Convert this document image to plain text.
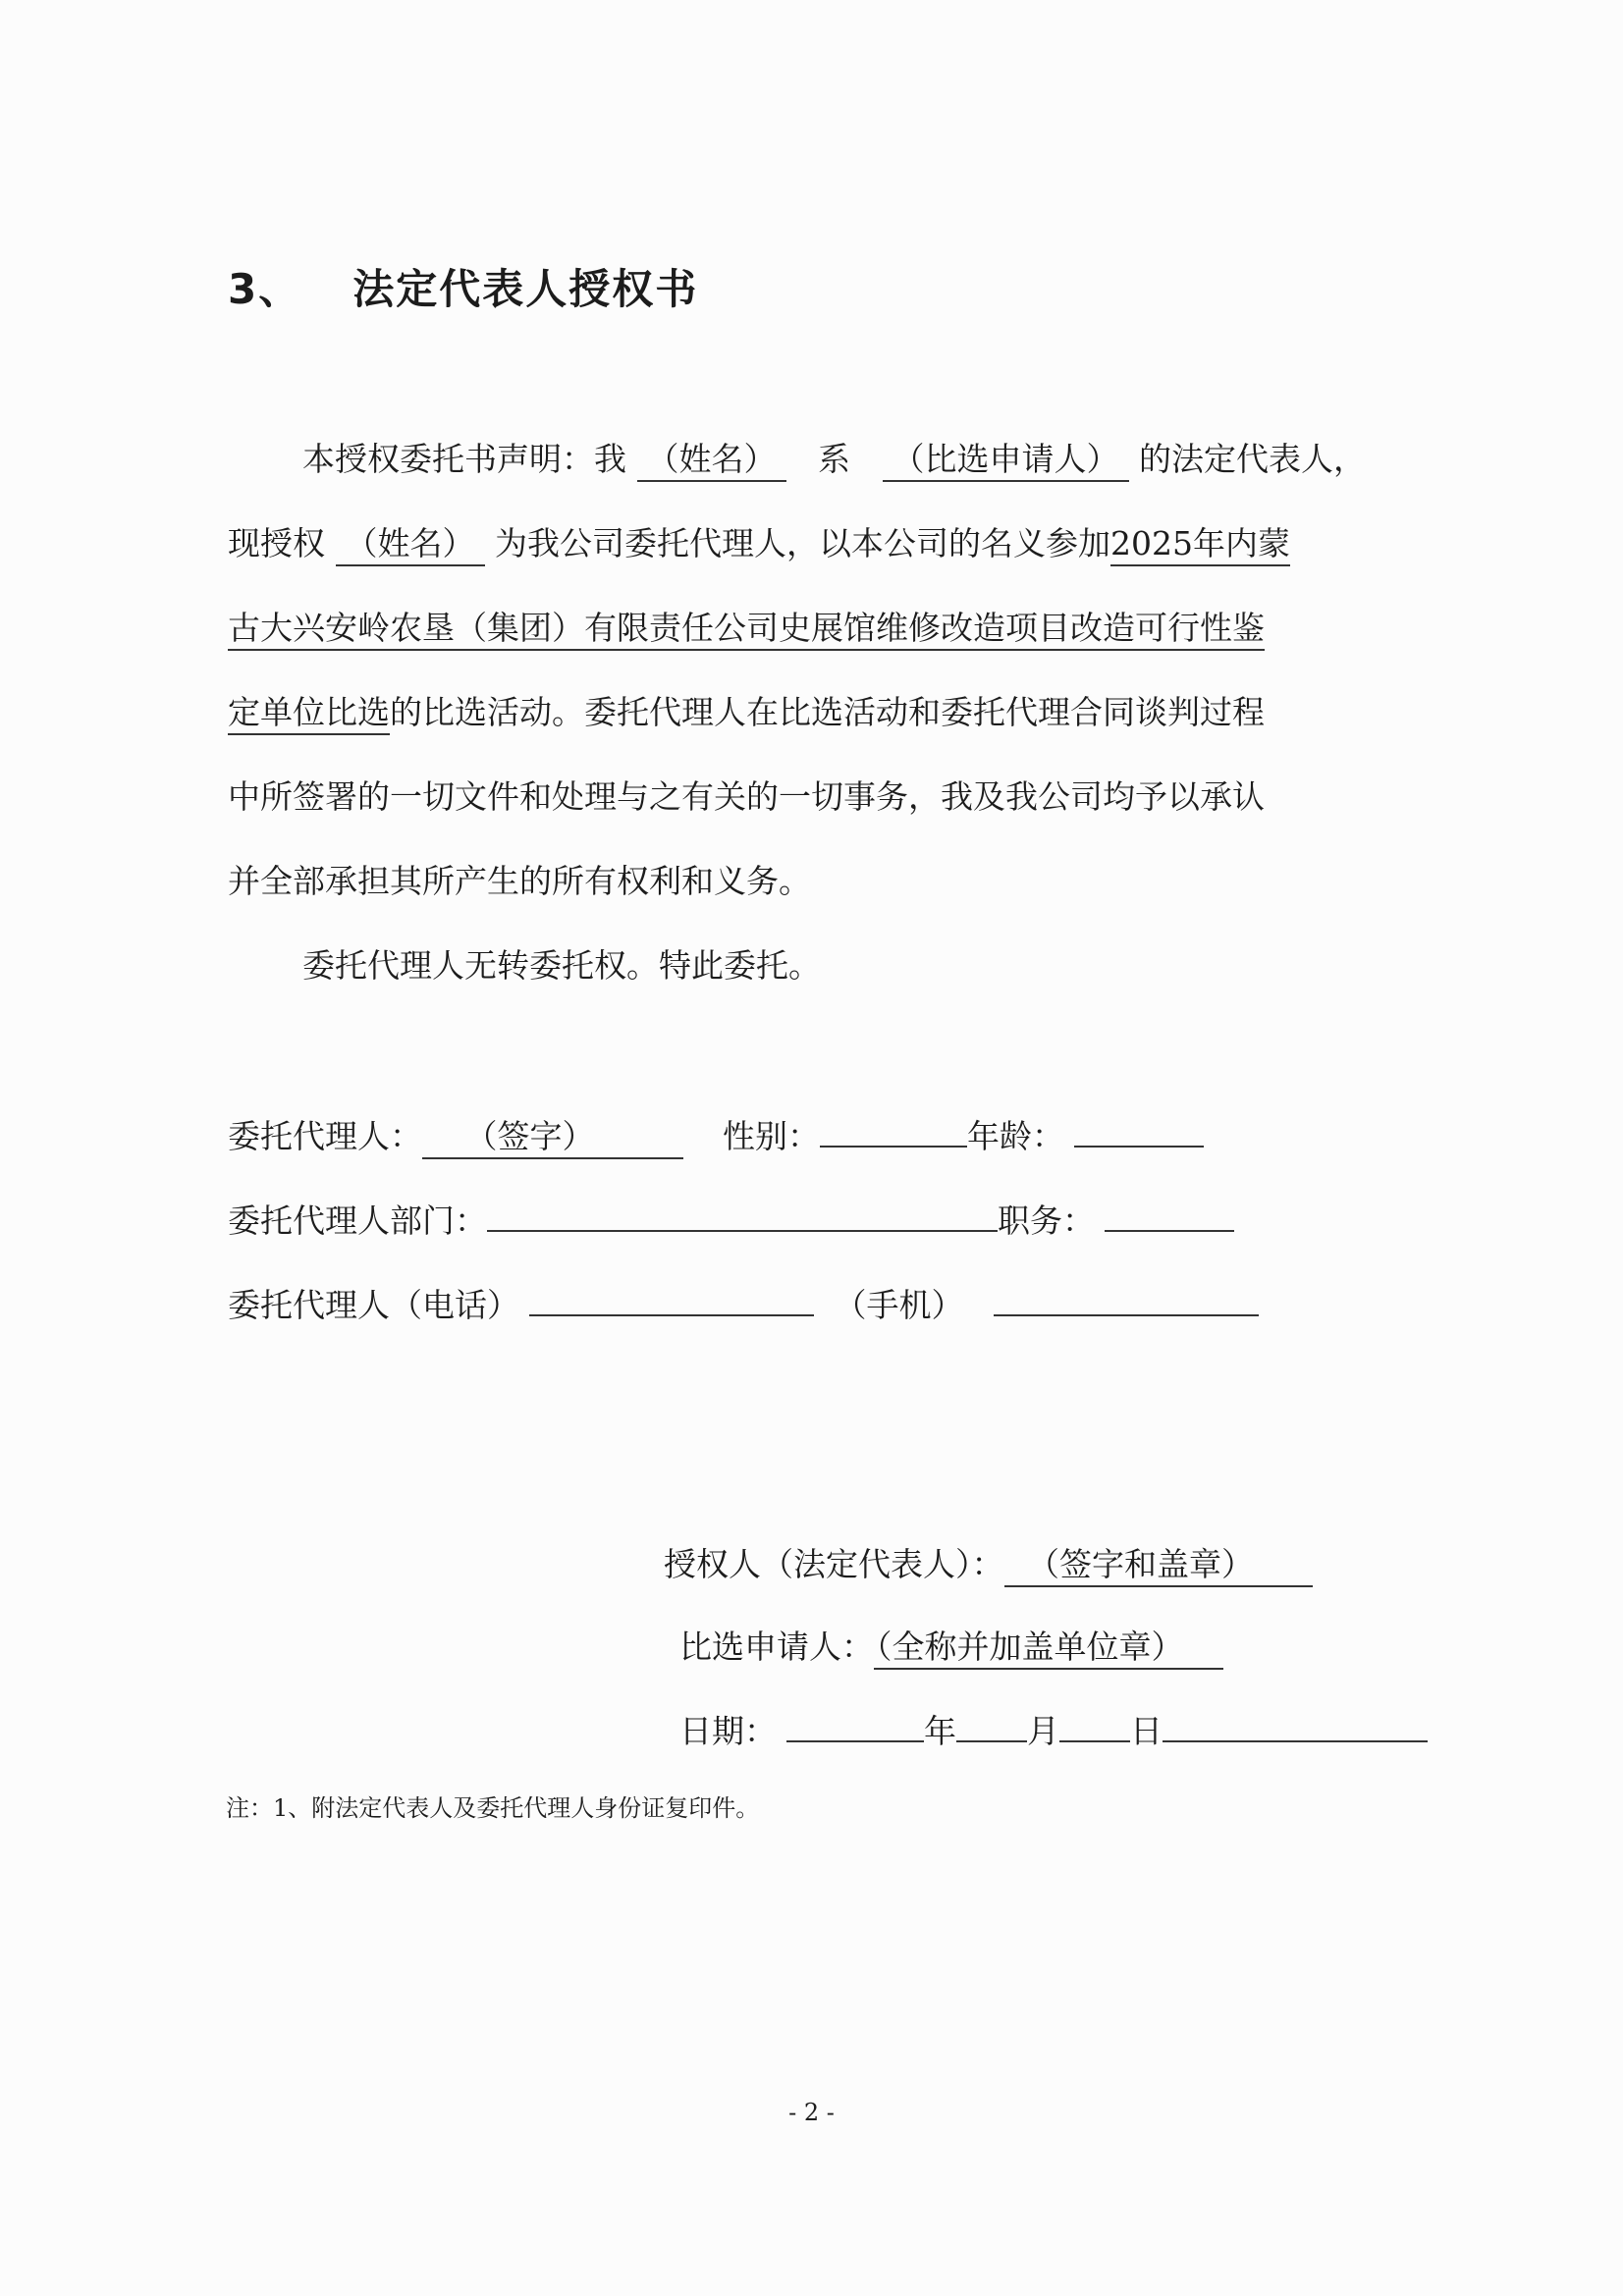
3、 法定代表人授权书
本授权委托书声明：我 （姓名） 系 （比选申请人） 的法定代表人，
现授权 （姓名） 为我公司委托代理人，以本公司的名义参加2025年内蒙
古大兴安岭农垦（集团）有限责任公司史展馆维修改造项目改造可行性鉴
定单位比选的比选活动。委托代理人在比选活动和委托代理合同谈判过程
中所签署的一切文件和处理与之有关的一切事务，我及我公司均予以承认
并全部承担其所产生的所有权利和义务。
委托代理人无转委托权。特此委托。
委托代理人： （签字）	性别：	年龄：
委托代理人部门：	职务：
委托代理人（电话）	（手机）
授权人（法定代表人）： （签字和盖章）
比选申请人：（全称并加盖单位章）
日期：	年 月 日
注：1、附法定代表人及委托代理人身份证复印件。
- 2 -
